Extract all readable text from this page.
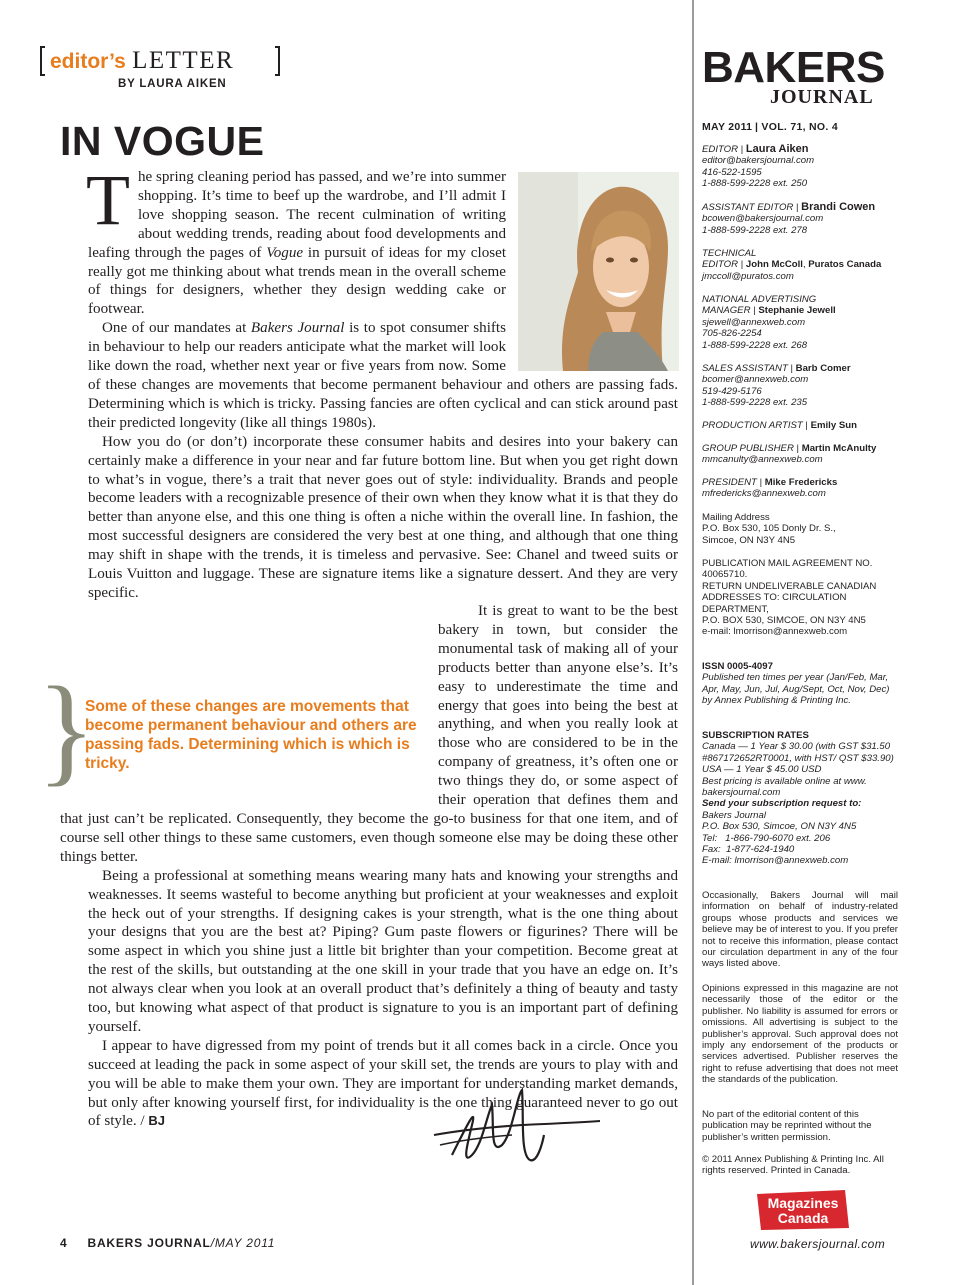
editor’s LETTER
BY LAURA AIKEN
IN VOGUE

The spring cleaning period has passed, and we’re into summer shopping. It’s time to beef up the wardrobe, and I’ll admit I love shopping season. The recent culmination of writing about wedding trends, reading about food developments and leafing through the pages of Vogue in pursuit of ideas for my closet really got me thinking about what trends mean in the overall scheme of things for designers, whether they design wedding cake or footwear.

One of our mandates at Bakers Journal is to spot consumer shifts in behaviour to help our readers anticipate what the market will look like down the road, whether next year or five years from now. Some of these changes are movements that become permanent behaviour and others are passing fads. Determining which is which is tricky. Passing fancies are often cyclical and can stick around past their predicted longevity (like all things 1980s).

How you do (or don’t) incorporate these consumer habits and desires into your bakery can certainly make a difference in your near and far future bottom line. But when you get right down to what’s in vogue, there’s a trait that never goes out of style: individuality. Brands and people become leaders with a recognizable presence of their own when they know what it is that they do better than anyone else, and this one thing is often a niche within the overall line. In fashion, the most successful designers are considered the very best at one thing, and although that one thing may shift in shape with the trends, it is timeless and pervasive. See: Chanel and tweed suits or Louis Vuitton and luggage. These are signature items like a signature dessert. And they are very specific.

It is great to want to be the best bakery in town, but consider the monumental task of making all of your products better than anyone else’s. It’s easy to underestimate the time and energy that goes into being the best at anything, and when you really look at those who are considered to be in the company of greatness, it’s often one or two things they do, or some aspect of their operation that defines them and that just can’t be replicated. Consequently, they become the go-to business for that one item, and of course sell other things to these same customers, even though someone else may be doing these other things better.

Being a professional at something means wearing many hats and knowing your strengths and weaknesses. It seems wasteful to become anything but proficient at your weaknesses and exploit the heck out of your strengths. If designing cakes is your strength, what is the one thing about your designs that you are the best at? Piping? Gum paste flowers or figurines? There will be some aspect in which you shine just a little bit brighter than your competition. Become great at the rest of the skills, but outstanding at the one skill in your trade that you have an edge on. It’s not always clear when you look at an overall product that’s definitely a thing of beauty and tasty too, but knowing what aspect of that product is signature to you is an important part of defining yourself.

I appear to have digressed from my point of trends but it all comes back in a circle. Once you succeed at leading the pack in some aspect of your skill set, the trends are yours to play with and you will be able to make them your own. They are important for understanding market demands, but only after knowing yourself first, for individuality is the one thing guaranteed never to go out of style. / BJ

}
Some of these changes are movements that become permanent behaviour and others are passing fads. Determining which is which is tricky.
4 BAKERS JOURNAL/MAY 2011
BAKERS
JOURNAL
MAY 2011 | VOL. 71, NO. 4
EDITOR | Laura Aiken
editor@bakersjournal.com
416-522-1595
1-888-599-2228 ext. 250
ASSISTANT EDITOR | Brandi Cowen
bcowen@bakersjournal.com
1-888-599-2228 ext. 278
TECHNICAL
EDITOR | John McColl, Puratos Canada
jmccoll@puratos.com
NATIONAL ADVERTISING
MANAGER | Stephanie Jewell
sjewell@annexweb.com
705-826-2254
1-888-599-2228 ext. 268
SALES ASSISTANT | Barb Comer
bcomer@annexweb.com
519-429-5176
1-888-599-2228 ext. 235
PRODUCTION ARTIST | Emily Sun
GROUP PUBLISHER | Martin McAnulty
mmcanulty@annexweb.com
PRESIDENT | Mike Fredericks
mfredericks@annexweb.com
Mailing Address
P.O. Box 530, 105 Donly Dr. S.,
Simcoe, ON N3Y 4N5
PUBLICATION MAIL AGREEMENT NO.
40065710.
RETURN UNDELIVERABLE CANADIAN
ADDRESSES TO: CIRCULATION
DEPARTMENT,
P.O. BOX 530, SIMCOE, ON N3Y 4N5
e-mail: lmorrison@annexweb.com
ISSN 0005-4097
Published ten times per year (Jan/Feb, Mar, Apr, May, Jun, Jul, Aug/Sept, Oct, Nov, Dec) by Annex Publishing & Printing Inc.
SUBSCRIPTION RATES
Canada — 1 Year $ 30.00 (with GST $31.50 #867172652RT0001, with HST/ QST $33.90)
USA — 1 Year $ 45.00 USD
Best pricing is available online at www. bakersjournal.com
Send your subscription request to:
Bakers Journal
P.O. Box 530, Simcoe, ON N3Y 4N5
Tel:   1-866-790-6070 ext. 206
Fax:  1-877-624-1940
E-mail: lmorrison@annexweb.com
Occasionally, Bakers Journal will mail information on behalf of industry-related groups whose products and services we believe may be of interest to you. If you prefer not to receive this information, please contact our circulation department in any of the four ways listed above.
Opinions expressed in this magazine are not necessarily those of the editor or the publisher. No liability is assumed for errors or omissions. All advertising is subject to the publisher’s approval. Such approval does not imply any endorsement of the products or services advertised. Publisher reserves the right to refuse advertising that does not meet the standards of the publication.
No part of the editorial content of this publication may be reprinted without the publisher’s written permission.
© 2011 Annex Publishing & Printing Inc. All rights reserved. Printed in Canada.
Magazines
Canada
www.bakersjournal.com
